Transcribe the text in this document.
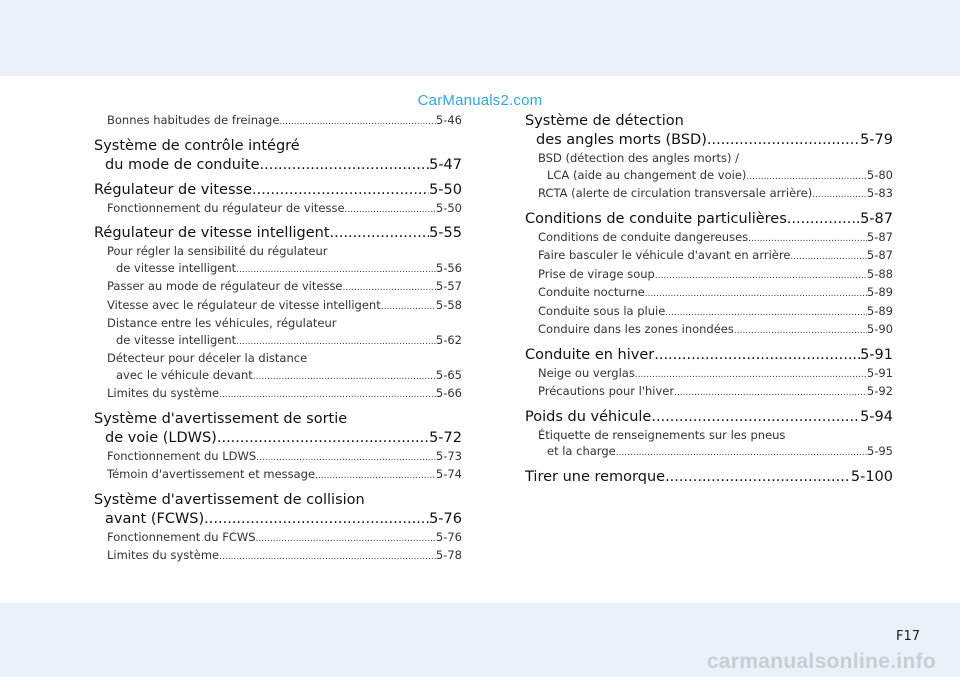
CarManuals2.com
Bonnes habitudes de freinage .....	5-46
Système de contrôle intégré
du mode de conduite .....	5-47
Régulateur de vitesse .....	5-50
Fonctionnement du régulateur de vitesse .....	5-50
Régulateur de vitesse intelligent .....	5-55
Pour régler la sensibilité du régulateur
de vitesse intelligent .....	5-56
Passer au mode de régulateur de vitesse .....	5-57
Vitesse avec le régulateur de vitesse intelligent .....	5-58
Distance entre les véhicules, régulateur
de vitesse intelligent .....	5-62
Détecteur pour déceler la distance
avec le véhicule devant .....	5-65
Limites du système .....	5-66
Système d'avertissement de sortie
de voie (LDWS) .....	5-72
Fonctionnement du LDWS .....	5-73
Témoin d'avertissement et message .....	5-74
Système d'avertissement de collision
avant (FCWS) .....	5-76
Fonctionnement du FCWS .....	5-76
Limites du système .....	5-78
Système de détection
des angles morts (BSD) .....	5-79
BSD (détection des angles morts) /
LCA (aide au changement de voie) .....	5-80
RCTA (alerte de circulation transversale arrière) .....	5-83
Conditions de conduite particulières .....	5-87
Conditions de conduite dangereuses .....	5-87
Faire basculer le véhicule d'avant en arrière .....	5-87
Prise de virage soup .....	5-88
Conduite nocturne .....	5-89
Conduite sous la pluie .....	5-89
Conduire dans les zones inondées .....	5-90
Conduite en hiver .....	5-91
Neige ou verglas .....	5-91
Précautions pour l'hiver .....	5-92
Poids du véhicule .....	5-94
Étiquette de renseignements sur les pneus
et la charge .....	5-95
Tirer une remorque .....	5-100
F17
carmanualsonline.info
